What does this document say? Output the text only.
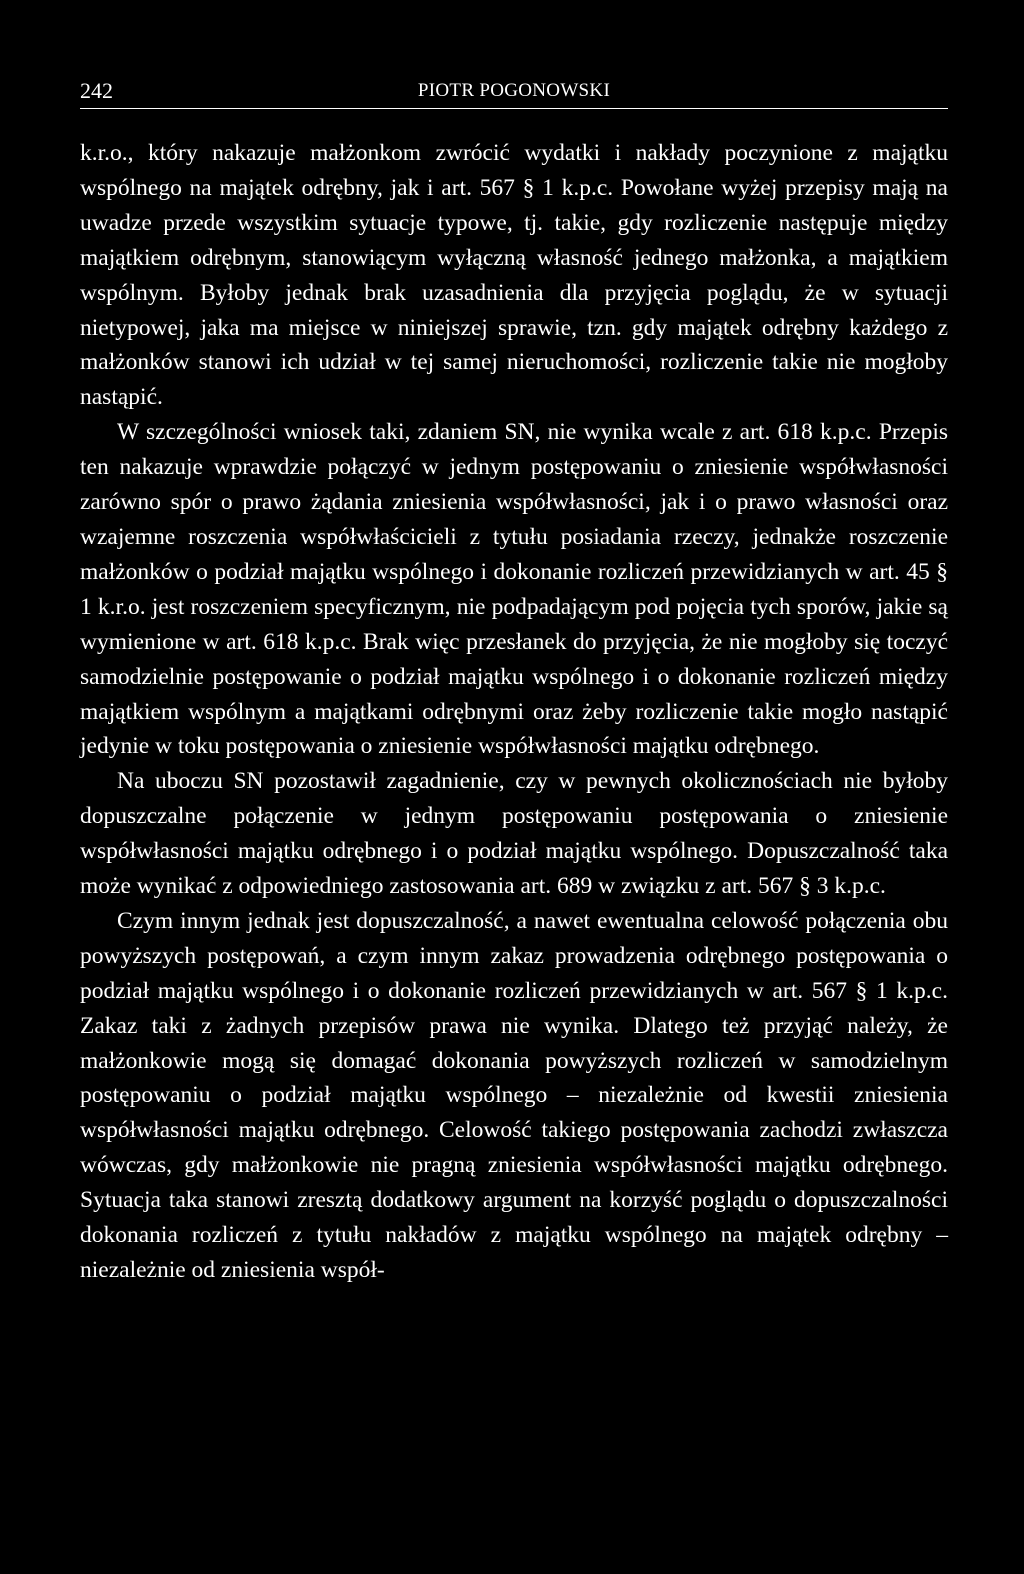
242	PIOTR POGONOWSKI

k.r.o., który nakazuje małżonkom zwrócić wydatki i nakłady poczynione z majątku wspólnego na majątek odrębny, jak i art. 567 § 1 k.p.c. Powołane wyżej przepisy mają na uwadze przede wszystkim sytuacje typowe, tj. takie, gdy rozliczenie następuje między majątkiem odrębnym, stanowiącym wyłączną własność jednego małżonka, a majątkiem wspólnym. Byłoby jednak brak uzasadnienia dla przyjęcia poglądu, że w sytuacji nietypowej, jaka ma miejsce w niniejszej sprawie, tzn. gdy majątek odrębny każdego z małżonków stanowi ich udział w tej samej nieruchomości, rozliczenie takie nie mogłoby nastąpić.

W szczególności wniosek taki, zdaniem SN, nie wynika wcale z art. 618 k.p.c. Przepis ten nakazuje wprawdzie połączyć w jednym postępowaniu o zniesienie współwłasności zarówno spór o prawo żądania zniesienia współwłasności, jak i o prawo własności oraz wzajemne roszczenia współwłaścicieli z tytułu posiadania rzeczy, jednakże roszczenie małżonków o podział majątku wspólnego i dokonanie rozliczeń przewidzianych w art. 45 § 1 k.r.o. jest roszczeniem specyficznym, nie podpadającym pod pojęcia tych sporów, jakie są wymienione w art. 618 k.p.c. Brak więc przesłanek do przyjęcia, że nie mogłoby się toczyć samodzielnie postępowanie o podział majątku wspólnego i o dokonanie rozliczeń między majątkiem wspólnym a majątkami odrębnymi oraz żeby rozliczenie takie mogło nastąpić jedynie w toku postępowania o zniesienie współwłasności majątku odrębnego.

Na uboczu SN pozostawił zagadnienie, czy w pewnych okolicznościach nie byłoby dopuszczalne połączenie w jednym postępowaniu postępowania o zniesienie współwłasności majątku odrębnego i o podział majątku wspólnego. Dopuszczalność taka może wynikać z odpowiedniego zastosowania art. 689 w związku z art. 567 § 3 k.p.c.

Czym innym jednak jest dopuszczalność, a nawet ewentualna celowość połączenia obu powyższych postępowań, a czym innym zakaz prowadzenia odrębnego postępowania o podział majątku wspólnego i o dokonanie rozliczeń przewidzianych w art. 567 § 1 k.p.c. Zakaz taki z żadnych przepisów prawa nie wynika. Dlatego też przyjąć należy, że małżonkowie mogą się domagać dokonania powyższych rozliczeń w samodzielnym postępowaniu o podział majątku wspólnego – niezależnie od kwestii zniesienia współwłasności majątku odrębnego. Celowość takiego postępowania zachodzi zwłaszcza wówczas, gdy małżonkowie nie pragną zniesienia współwłasności majątku odrębnego. Sytuacja taka stanowi zresztą dodatkowy argument na korzyść poglądu o dopuszczalności dokonania rozliczeń z tytułu nakładów z majątku wspólnego na majątek odrębny – niezależnie od zniesienia współ-
